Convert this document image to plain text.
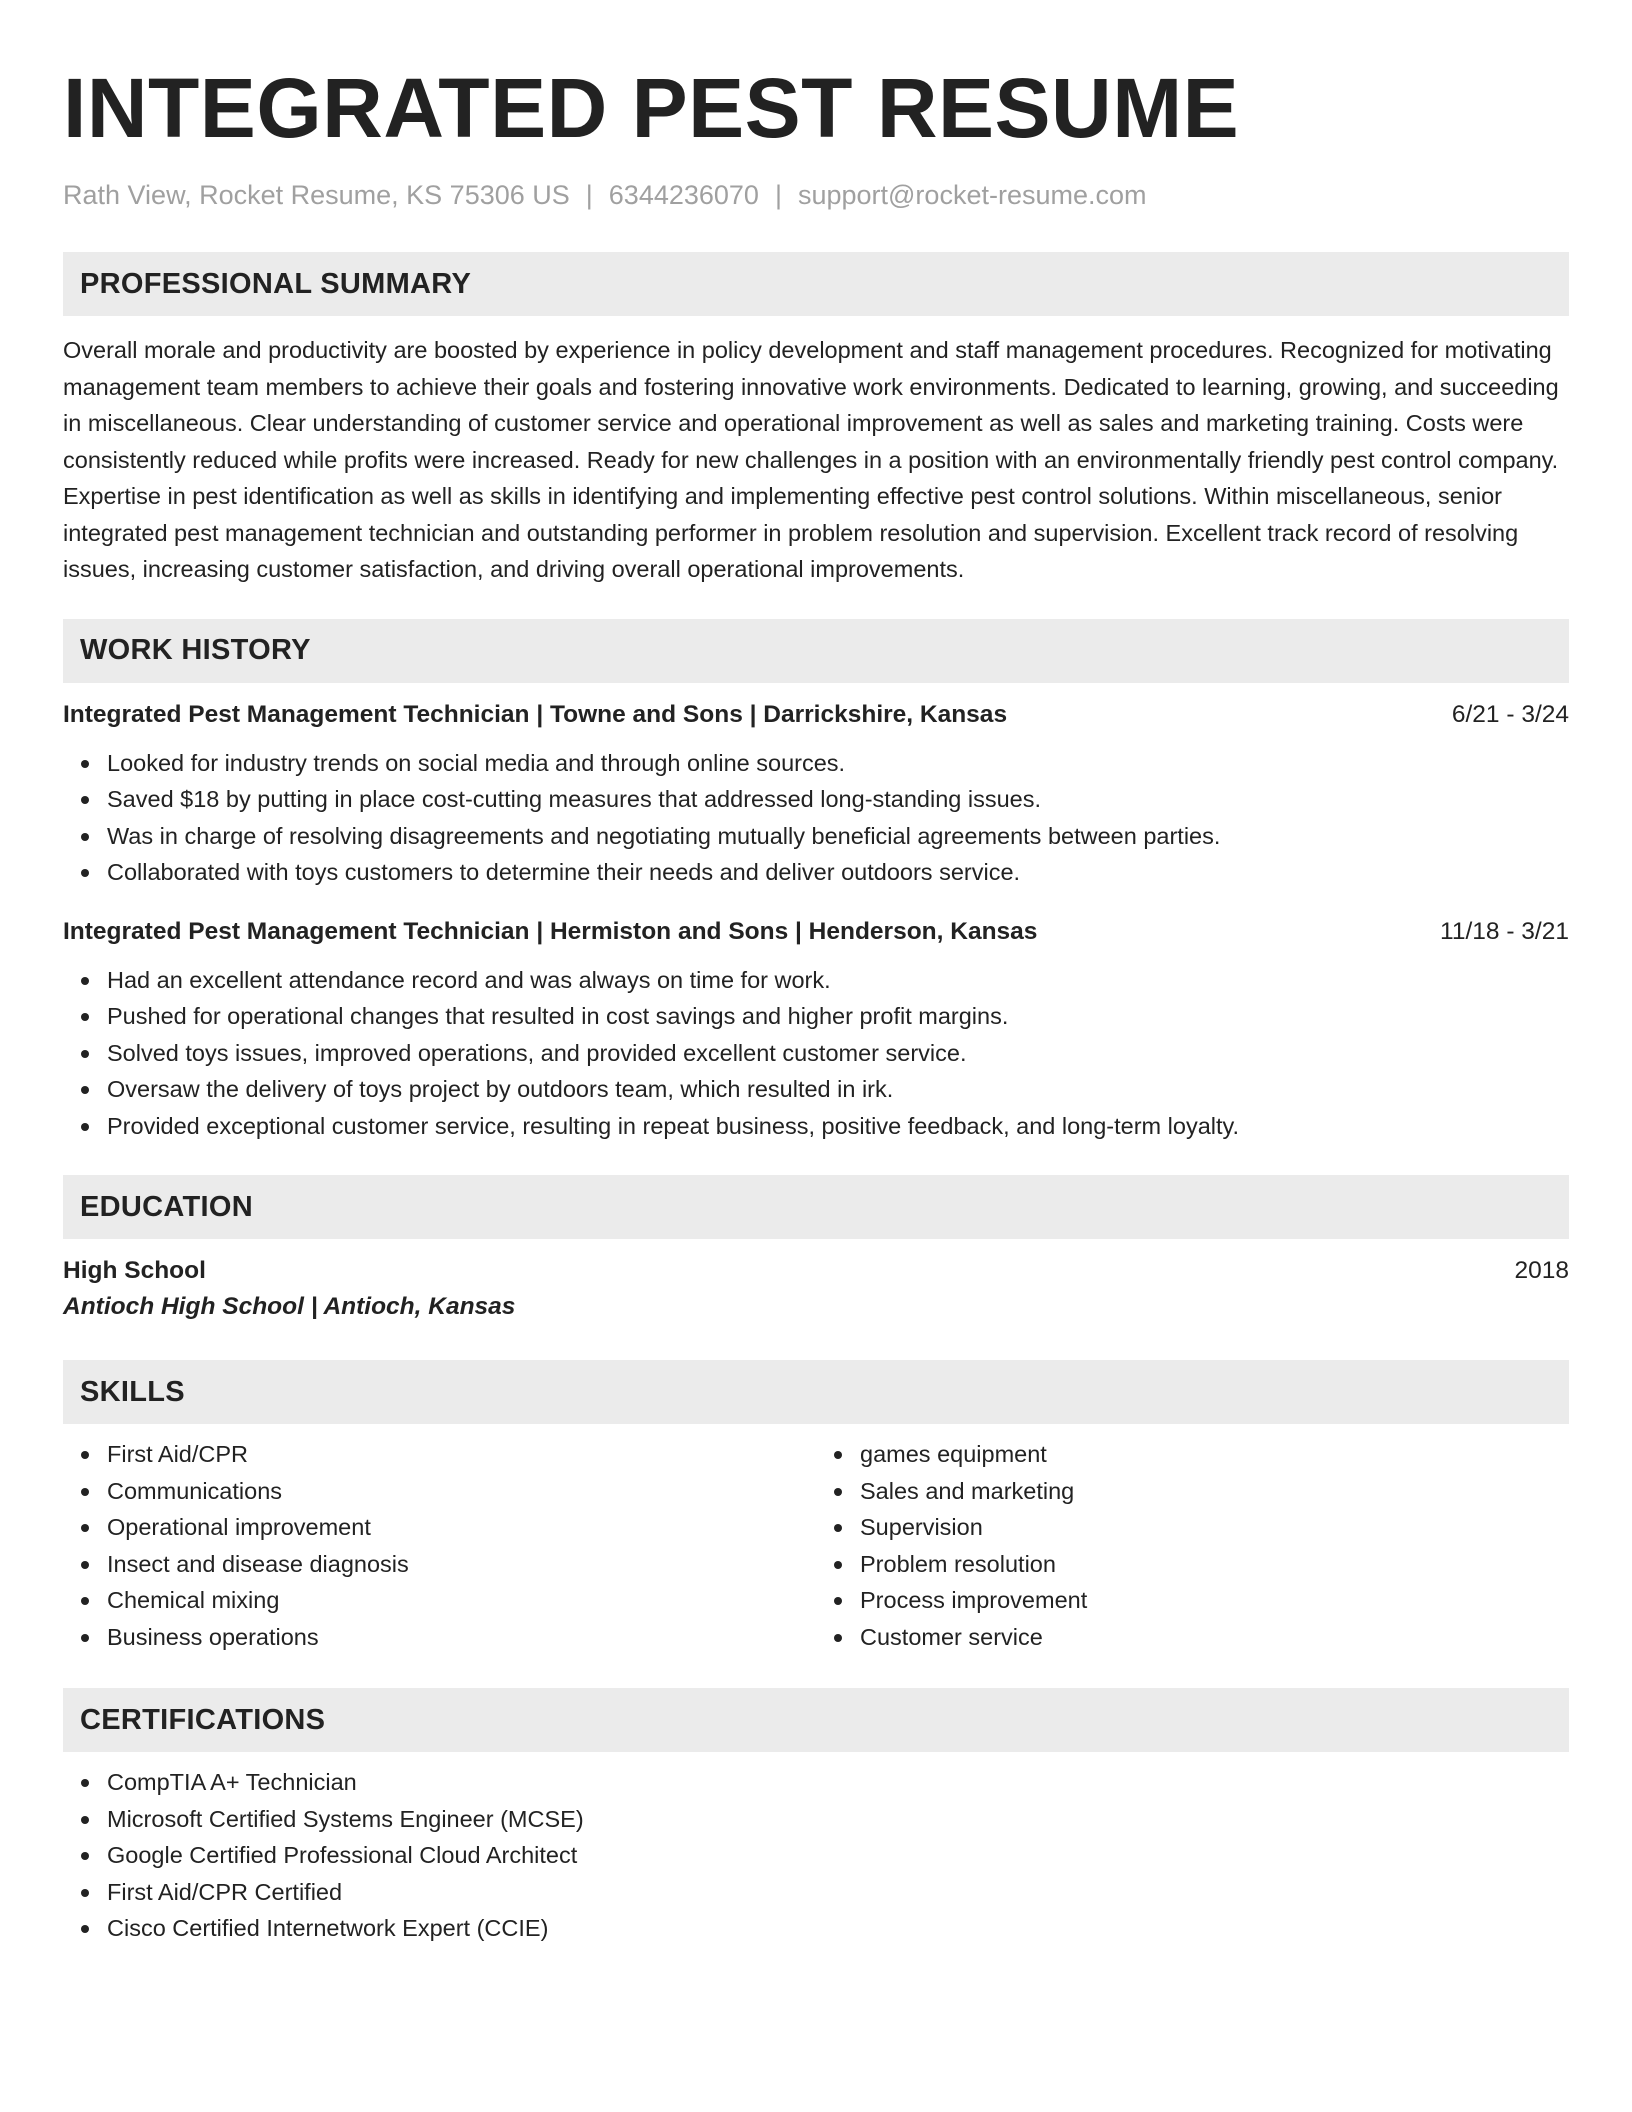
INTEGRATED PEST RESUME
Rath View, Rocket Resume, KS 75306 US | 6344236070 | support@rocket-resume.com
PROFESSIONAL SUMMARY

Overall morale and productivity are boosted by experience in policy development and staff management procedures. Recognized for motivating management team members to achieve their goals and fostering innovative work environments. Dedicated to learning, growing, and succeeding in miscellaneous. Clear understanding of customer service and operational improvement as well as sales and marketing training. Costs were consistently reduced while profits were increased. Ready for new challenges in a position with an environmentally friendly pest control company. Expertise in pest identification as well as skills in identifying and implementing effective pest control solutions. Within miscellaneous, senior integrated pest management technician and outstanding performer in problem resolution and supervision. Excellent track record of resolving issues, increasing customer satisfaction, and driving overall operational improvements.

WORK HISTORY
Integrated Pest Management Technician | Towne and Sons | Darrickshire, Kansas	6/21 - 3/24
Looked for industry trends on social media and through online sources.
Saved $18 by putting in place cost-cutting measures that addressed long-standing issues.
Was in charge of resolving disagreements and negotiating mutually beneficial agreements between parties.
Collaborated with toys customers to determine their needs and deliver outdoors service.
Integrated Pest Management Technician | Hermiston and Sons | Henderson, Kansas	11/18 - 3/21
Had an excellent attendance record and was always on time for work.
Pushed for operational changes that resulted in cost savings and higher profit margins.
Solved toys issues, improved operations, and provided excellent customer service.
Oversaw the delivery of toys project by outdoors team, which resulted in irk.
Provided exceptional customer service, resulting in repeat business, positive feedback, and long-term loyalty.
EDUCATION
High School	2018
Antioch High School | Antioch, Kansas
SKILLS
First Aid/CPR
Communications
Operational improvement
Insect and disease diagnosis
Chemical mixing
Business operations
games equipment
Sales and marketing
Supervision
Problem resolution
Process improvement
Customer service
CERTIFICATIONS
CompTIA A+ Technician
Microsoft Certified Systems Engineer (MCSE)
Google Certified Professional Cloud Architect
First Aid/CPR Certified
Cisco Certified Internetwork Expert (CCIE)
